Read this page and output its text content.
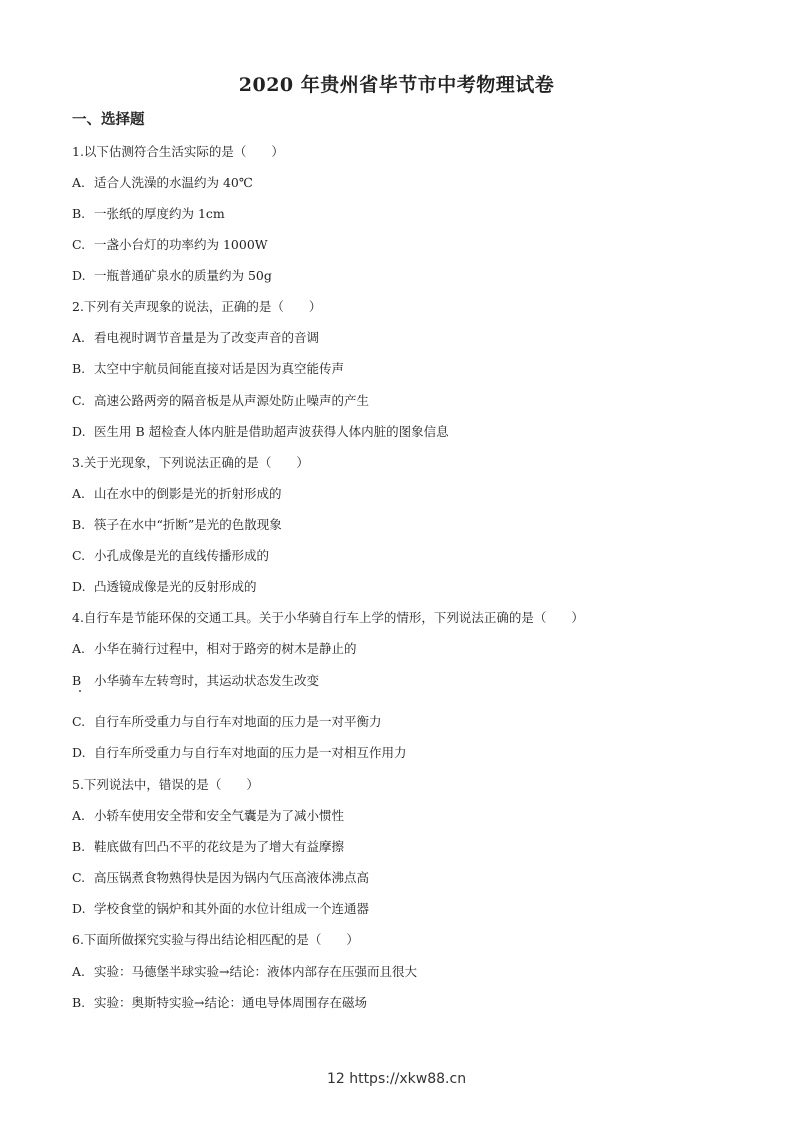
2020 年贵州省毕节市中考物理试卷
一、选择题
1.以下估测符合生活实际的是（　　）
A. 适合人洗澡的水温约为 40℃
B. 一张纸的厚度约为 1cm
C. 一盏小台灯的功率约为 1000W
D. 一瓶普通矿泉水的质量约为 50g
2.下列有关声现象的说法，正确的是（　　）
A. 看电视时调节音量是为了改变声音的音调
B. 太空中宇航员间能直接对话是因为真空能传声
C. 高速公路两旁的隔音板是从声源处防止噪声的产生
D. 医生用 B 超检查人体内脏是借助超声波获得人体内脏的图象信息
3.关于光现象，下列说法正确的是（　　）
A. 山在水中的倒影是光的折射形成的
B. 筷子在水中“折断”是光的色散现象
C. 小孔成像是光的直线传播形成的
D. 凸透镜成像是光的反射形成的
4.自行车是节能环保的交通工具。关于小华骑自行车上学的情形，下列说法正确的是（　　）
A. 小华在骑行过程中，相对于路旁的树木是静止的
B 小华骑车左转弯时，其运动状态发生改变
C. 自行车所受重力与自行车对地面的压力是一对平衡力
D. 自行车所受重力与自行车对地面的压力是一对相互作用力
5.下列说法中，错误的是（　　）
A. 小轿车使用安全带和安全气囊是为了减小惯性
B. 鞋底做有凹凸不平的花纹是为了增大有益摩擦
C. 高压锅煮食物熟得快是因为锅内气压高液体沸点高
D. 学校食堂的锅炉和其外面的水位计组成一个连通器
6.下面所做探究实验与得出结论相匹配的是（　　）
A. 实验：马德堡半球实验→结论：液体内部存在压强而且很大
B. 实验：奥斯特实验→结论：通电导体周围存在磁场
12 https://xkw88.cn
